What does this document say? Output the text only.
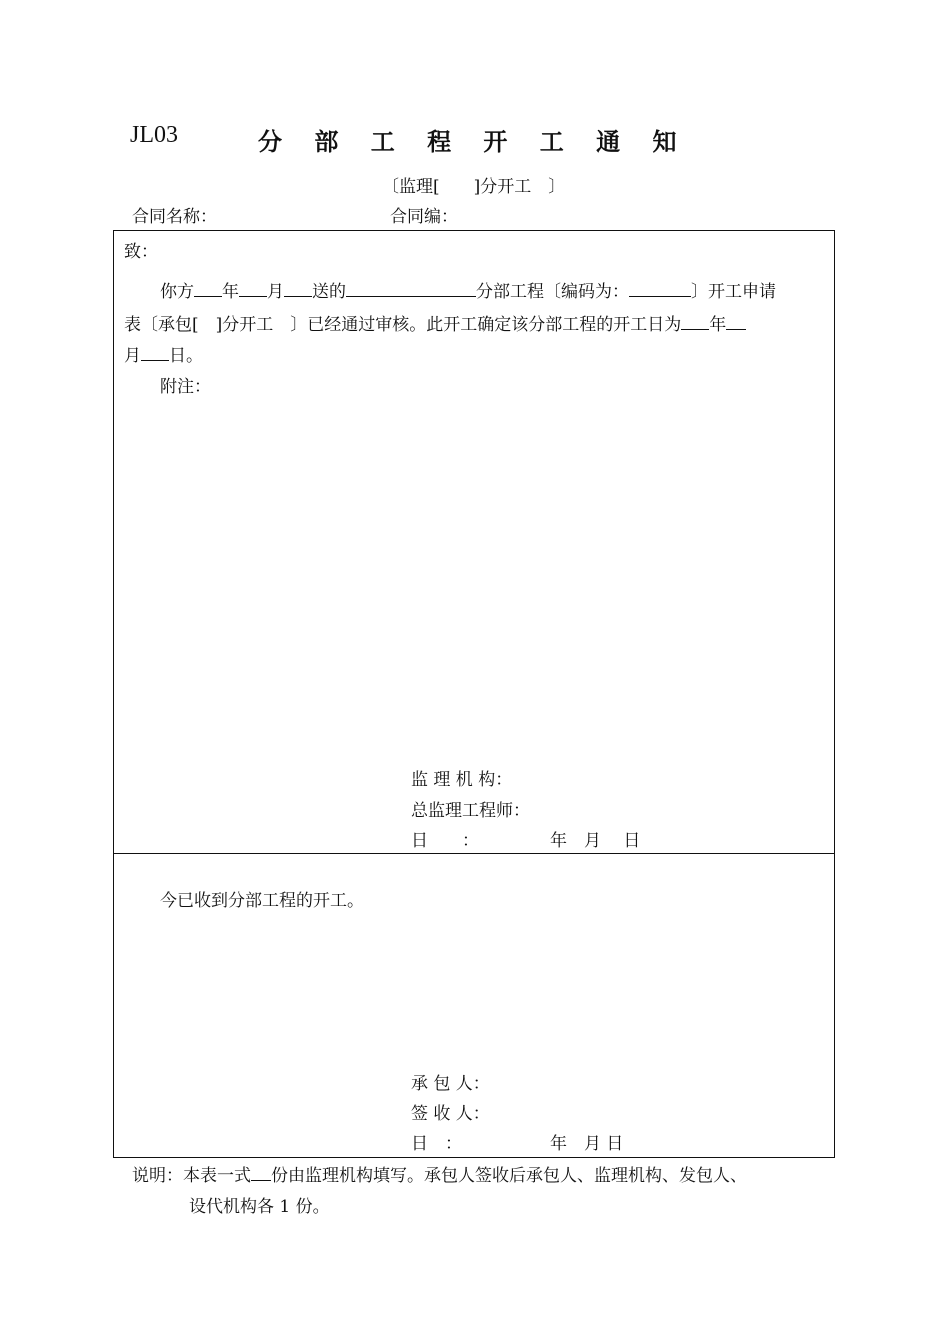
JL03	分 部 工 程 开 工 通 知
〔监理[　　]分开工　〕
合同名称：	合同编：
致：
你方 年 月 送的	分部工程〔编码为：	〕开工申请
表〔承包[　]分开工　〕已经通过审核。此开工确定该分部工程的开工日为 年
月 日。
附注：
监 理 机 构：
总监理工程师：
日　　：	年　月　 日
今已收到分部工程的开工。
承 包 人：
签 收 人：
日　：	年　月 日
说明：本表一式 份由监理机构填写。承包人签收后承包人、监理机构、发包人、
设代机构各 1 份。
